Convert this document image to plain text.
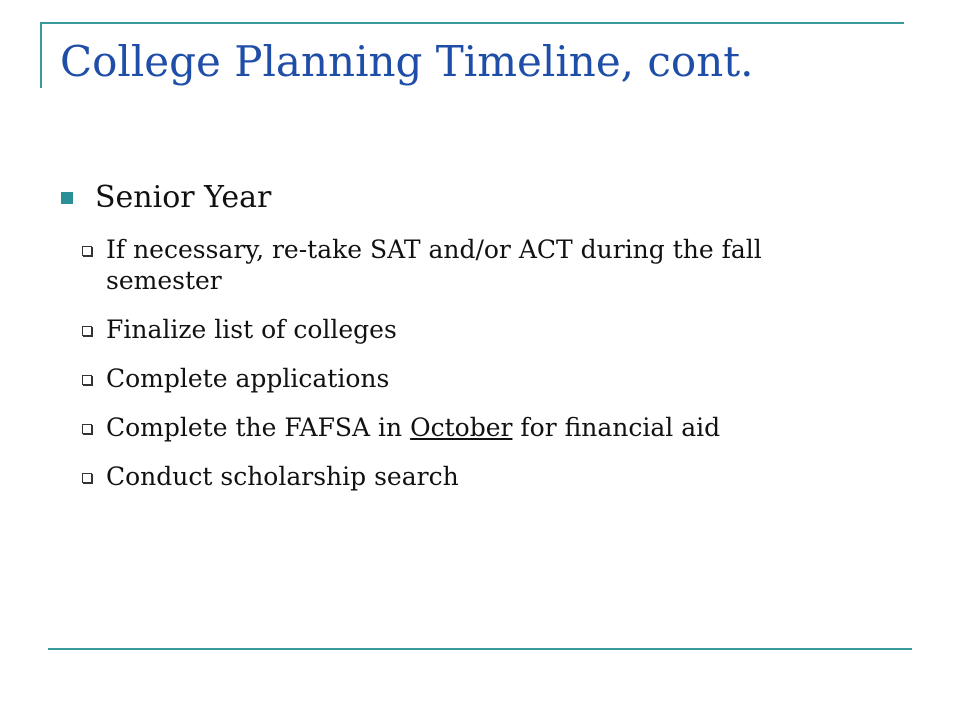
College Planning Timeline, cont.
Senior Year
If necessary, re-take SAT and/or ACT during the fall semester
Finalize list of colleges
Complete applications
Complete the FAFSA in October for financial aid
Conduct scholarship search
